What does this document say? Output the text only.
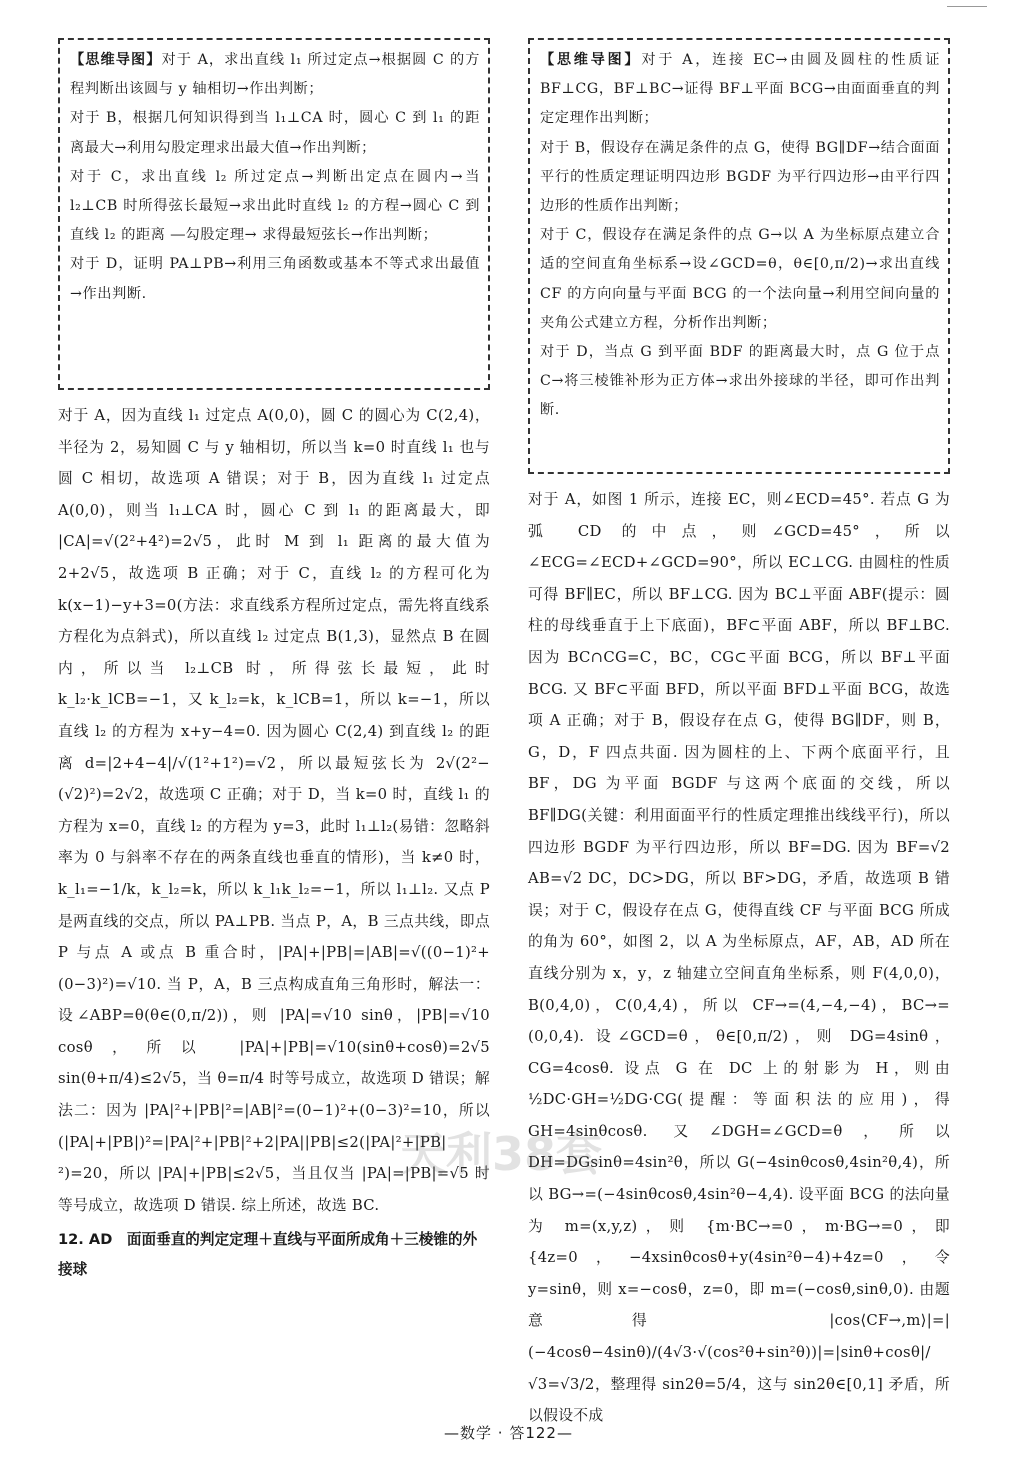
【思维导图】对于 A，求出直线 l₁ 所过定点→根据圆 C 的方程判断出该圆与 y 轴相切→作出判断；

对于 B，根据几何知识得到当 l₁⊥CA 时，圆心 C 到 l₁ 的距离最大→利用勾股定理求出最大值→作出判断；

对于 C，求出直线 l₂ 所过定点→判断出定点在圆内→当 l₂⊥CB 时所得弦长最短→求出此时直线 l₂ 的方程→圆心 C 到直线 l₂ 的距离 ―勾股定理→ 求得最短弦长→作出判断；

对于 D，证明 PA⊥PB→利用三角函数或基本不等式求出最值→作出判断.

对于 A，因为直线 l₁ 过定点 A(0,0)，圆 C 的圆心为 C(2,4)，半径为 2，易知圆 C 与 y 轴相切，所以当 k=0 时直线 l₁ 也与圆 C 相切，故选项 A 错误；对于 B，因为直线 l₁ 过定点 A(0,0)，则当 l₁⊥CA 时，圆心 C 到 l₁ 的距离最大，即 |CA|=√(2²+4²)=2√5，此时 M 到 l₁ 距离的最大值为 2+2√5，故选项 B 正确；对于 C，直线 l₂ 的方程可化为 k(x−1)−y+3=0(方法：求直线系方程所过定点，需先将直线系方程化为点斜式)，所以直线 l₂ 过定点 B(1,3)，显然点 B 在圆内，所以当 l₂⊥CB 时，所得弦长最短，此时 k_l₂·k_lCB=−1，又 k_l₂=k，k_lCB=1，所以 k=−1，所以直线 l₂ 的方程为 x+y−4=0. 因为圆心 C(2,4) 到直线 l₂ 的距离 d=|2+4−4|/√(1²+1²)=√2，所以最短弦长为 2√(2²−(√2)²)=2√2，故选项 C 正确；对于 D，当 k=0 时，直线 l₁ 的方程为 x=0，直线 l₂ 的方程为 y=3，此时 l₁⊥l₂(易错：忽略斜率为 0 与斜率不存在的两条直线也垂直的情形)，当 k≠0 时，k_l₁=−1/k，k_l₂=k，所以 k_l₁k_l₂=−1，所以 l₁⊥l₂. 又点 P 是两直线的交点，所以 PA⊥PB. 当点 P，A，B 三点共线，即点 P 与点 A 或点 B 重合时，|PA|+|PB|=|AB|=√((0−1)²+(0−3)²)=√10. 当 P，A，B 三点构成直角三角形时，解法一：设∠ABP=θ(θ∈(0,π/2))，则 |PA|=√10 sinθ，|PB|=√10 cosθ，所以 |PA|+|PB|=√10(sinθ+cosθ)=2√5 sin(θ+π/4)≤2√5，当 θ=π/4 时等号成立，故选项 D 错误；解法二：因为 |PA|²+|PB|²=|AB|²=(0−1)²+(0−3)²=10，所以 (|PA|+|PB|)²=|PA|²+|PB|²+2|PA||PB|≤2(|PA|²+|PB|²)=20，所以 |PA|+|PB|≤2√5，当且仅当 |PA|=|PB|=√5 时等号成立，故选项 D 错误. 综上所述，故选 BC.

12. AD　面面垂直的判定定理＋直线与平面所成角＋三棱锥的外接球

【思维导图】对于 A，连接 EC→由圆及圆柱的性质证 BF⊥CG，BF⊥BC→证得 BF⊥平面 BCG→由面面垂直的判定定理作出判断；

对于 B，假设存在满足条件的点 G，使得 BG∥DF→结合面面平行的性质定理证明四边形 BGDF 为平行四边形→由平行四边形的性质作出判断；

对于 C，假设存在满足条件的点 G→以 A 为坐标原点建立合适的空间直角坐标系→设∠GCD=θ，θ∈[0,π/2)→求出直线 CF 的方向向量与平面 BCG 的一个法向量→利用空间向量的夹角公式建立方程，分析作出判断；

对于 D，当点 G 到平面 BDF 的距离最大时，点 G 位于点 C→将三棱锥补形为正方体→求出外接球的半径，即可作出判断.

对于 A，如图 1 所示，连接 EC，则∠ECD=45°. 若点 G 为弧 CD 的中点，则∠GCD=45°，所以∠ECG=∠ECD+∠GCD=90°，所以 EC⊥CG. 由圆柱的性质可得 BF∥EC，所以 BF⊥CG. 因为 BC⊥平面 ABF(提示：圆柱的母线垂直于上下底面)，BF⊂平面 ABF，所以 BF⊥BC. 因为 BC∩CG=C，BC，CG⊂平面 BCG，所以 BF⊥平面 BCG. 又 BF⊂平面 BFD，所以平面 BFD⊥平面 BCG，故选项 A 正确；对于 B，假设存在点 G，使得 BG∥DF，则 B，G，D，F 四点共面. 因为圆柱的上、下两个底面平行，且 BF，DG 为平面 BGDF 与这两个底面的交线，所以 BF∥DG(关键：利用面面平行的性质定理推出线线平行)，所以四边形 BGDF 为平行四边形，所以 BF=DG. 因为 BF=√2 AB=√2 DC，DC>DG，所以 BF>DG，矛盾，故选项 B 错误；对于 C，假设存在点 G，使得直线 CF 与平面 BCG 所成的角为 60°，如图 2，以 A 为坐标原点，AF，AB，AD 所在直线分别为 x，y，z 轴建立空间直角坐标系，则 F(4,0,0)，B(0,4,0)，C(0,4,4)，所以 CF→=(4,−4,−4)，BC→=(0,0,4). 设∠GCD=θ，θ∈[0,π/2)，则 DG=4sinθ，CG=4cosθ. 设点 G 在 DC 上的射影为 H，则由 ½DC·GH=½DG·CG(提醒：等面积法的应用)，得 GH=4sinθcosθ. 又∠DGH=∠GCD=θ，所以 DH=DGsinθ=4sin²θ，所以 G(−4sinθcosθ,4sin²θ,4)，所以 BG→=(−4sinθcosθ,4sin²θ−4,4). 设平面 BCG 的法向量为 m=(x,y,z)，则 {m·BC→=0，m·BG→=0，即 {4z=0，−4xsinθcosθ+y(4sin²θ−4)+4z=0，令 y=sinθ，则 x=−cosθ，z=0，即 m=(−cosθ,sinθ,0). 由题意得 |cos⟨CF→,m⟩|=|(−4cosθ−4sinθ)/(4√3·√(cos²θ+sin²θ))|=|sinθ+cosθ|/√3=√3/2，整理得 sin2θ=5/4，这与 sin2θ∈[0,1] 矛盾，所以假设不成

天利38套
—数学 · 答122—
